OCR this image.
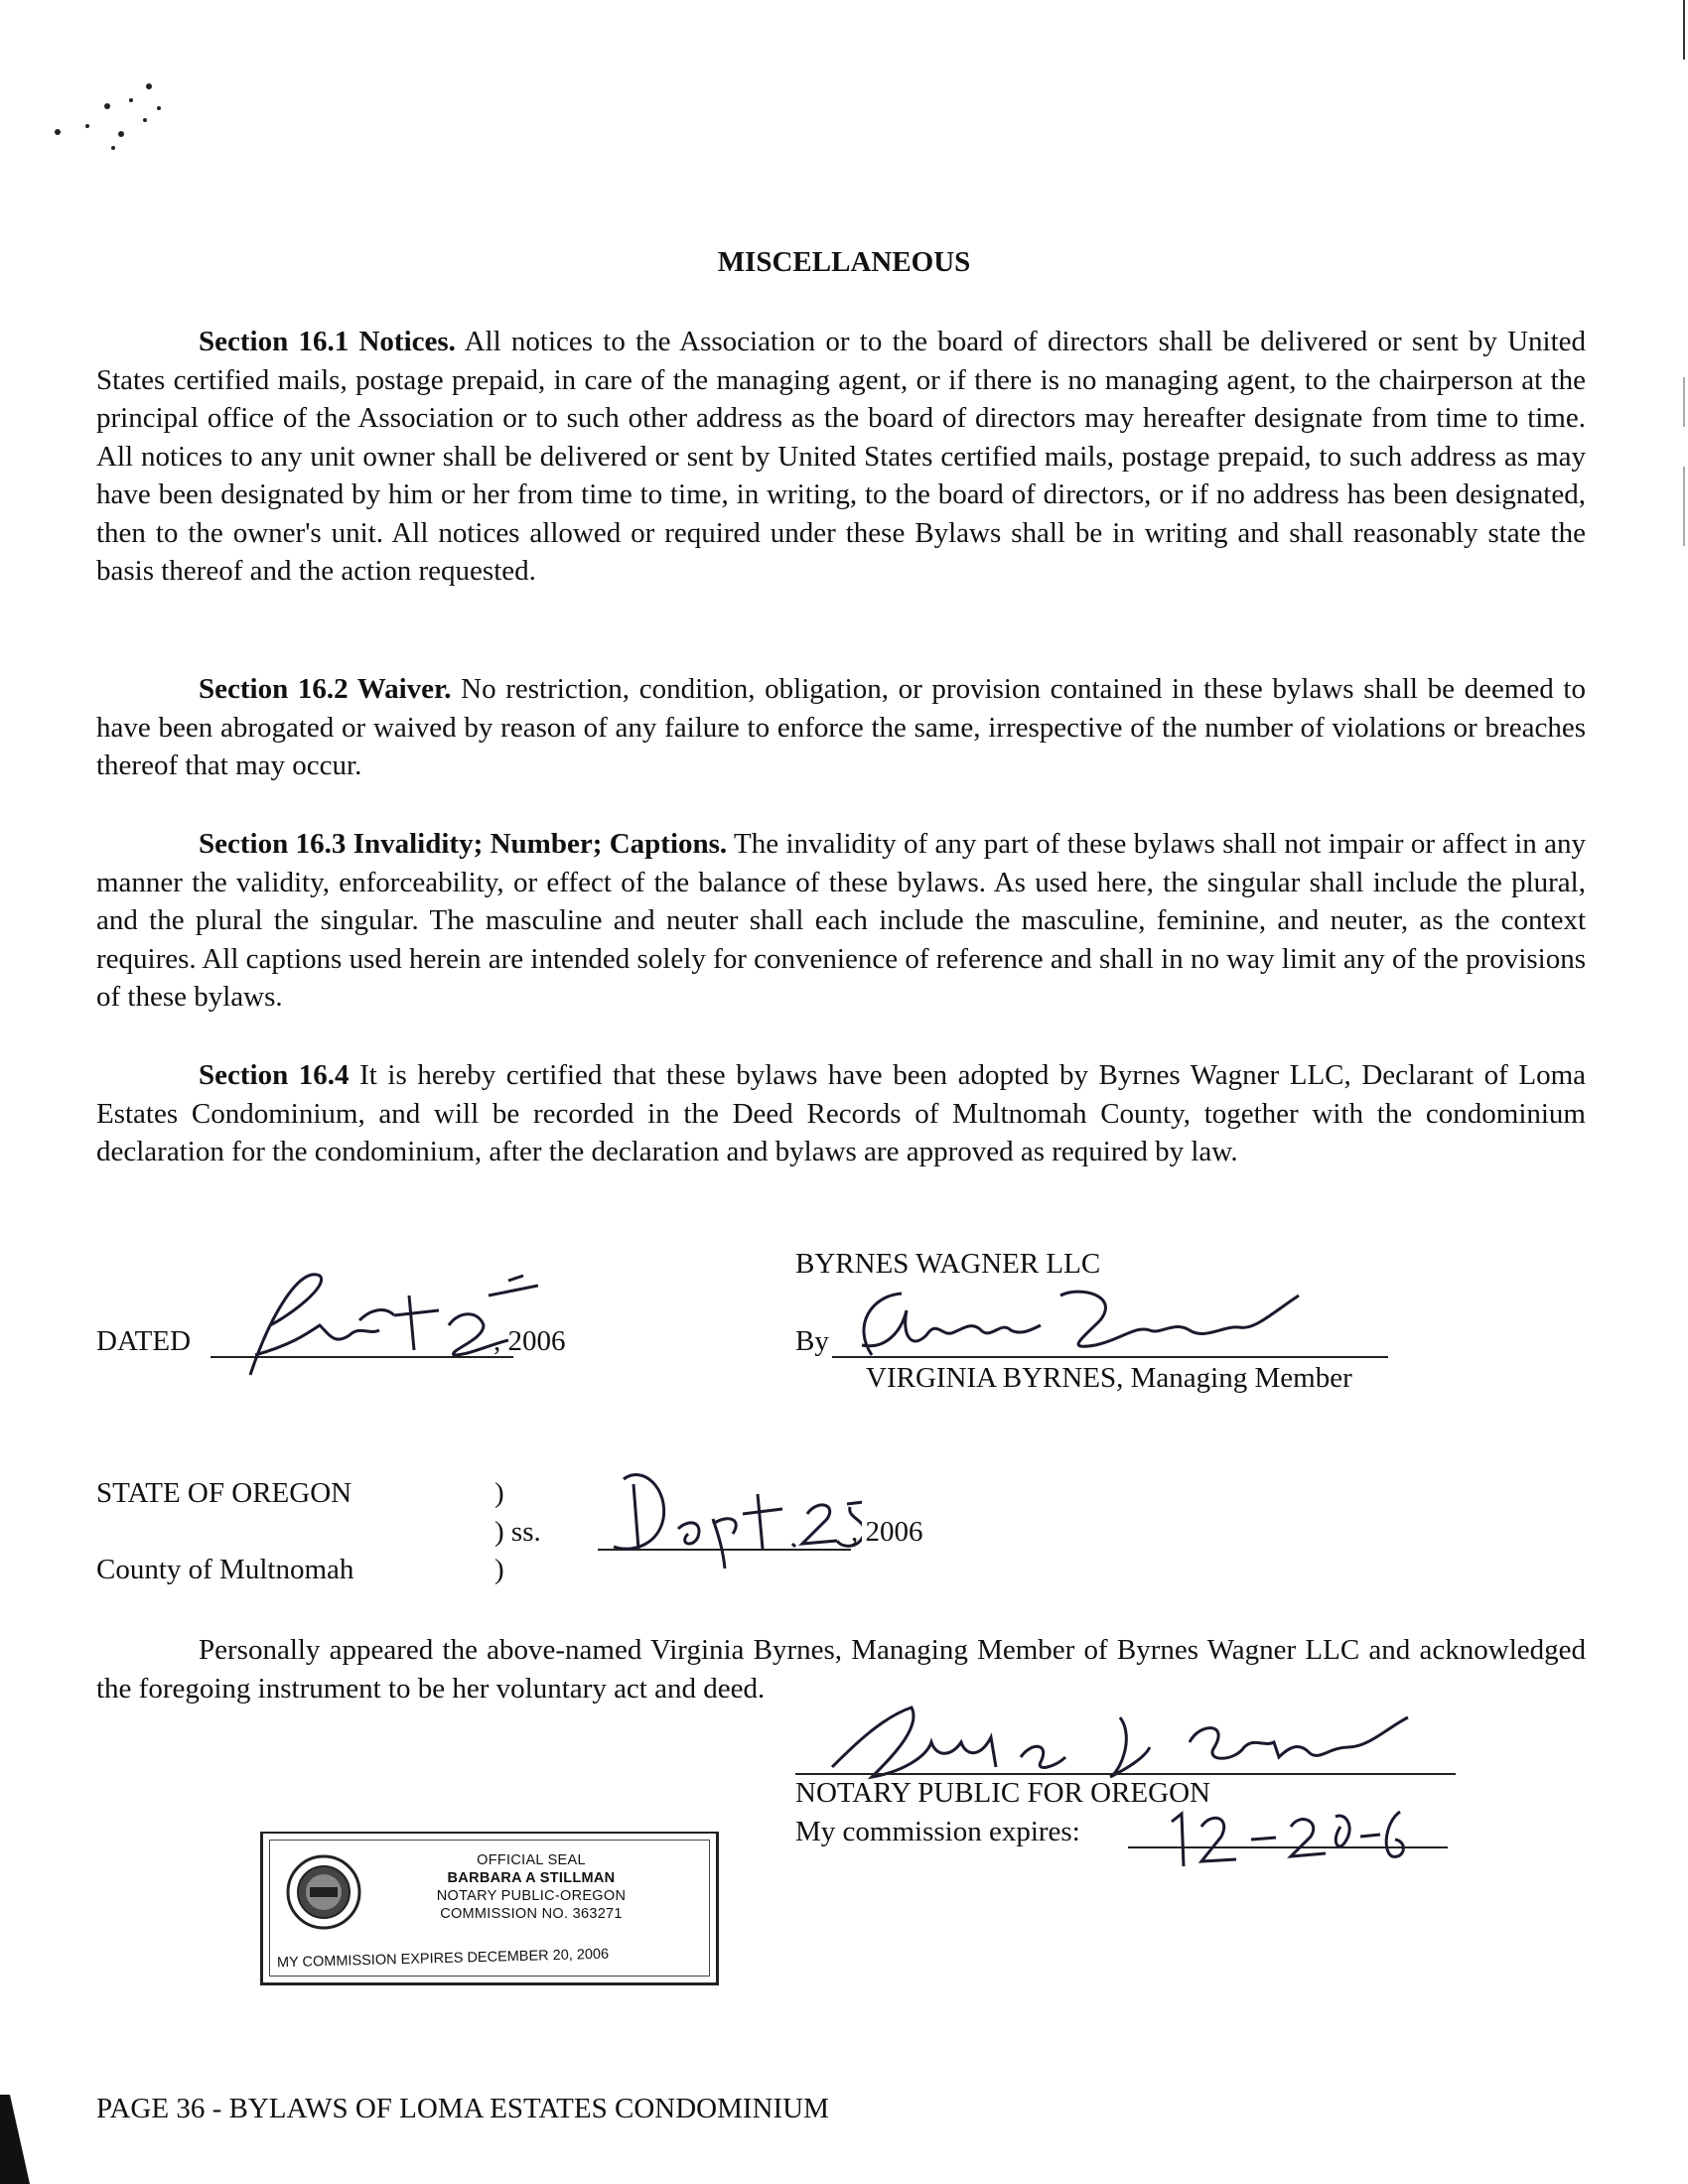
MISCELLANEOUS

Section 16.1 Notices. All notices to the Association or to the board of directors shall be delivered or sent by United States certified mails, postage prepaid, in care of the managing agent, or if there is no managing agent, to the chairperson at the principal office of the Association or to such other address as the board of directors may hereafter designate from time to time. All notices to any unit owner shall be delivered or sent by United States certified mails, postage prepaid, to such address as may have been designated by him or her from time to time, in writing, to the board of directors, or if no address has been designated, then to the owner's unit. All notices allowed or required under these Bylaws shall be in writing and shall reasonably state the basis thereof and the action requested.

Section 16.2 Waiver. No restriction, condition, obligation, or provision contained in these bylaws shall be deemed to have been abrogated or waived by reason of any failure to enforce the same, irrespective of the number of violations or breaches thereof that may occur.

Section 16.3 Invalidity; Number; Captions. The invalidity of any part of these bylaws shall not impair or affect in any manner the validity, enforceability, or effect of the balance of these bylaws. As used here, the singular shall include the plural, and the plural the singular. The masculine and neuter shall each include the masculine, feminine, and neuter, as the context requires. All captions used herein are intended solely for convenience of reference and shall in no way limit any of the provisions of these bylaws.

Section 16.4 It is hereby certified that these bylaws have been adopted by Byrnes Wagner LLC, Declarant of Loma Estates Condominium, and will be recorded in the Deed Records of Multnomah County, together with the condominium declaration for the condominium, after the declaration and bylaws are approved as required by law.

DATED	, 2006
BYRNES WAGNER LLC
By
VIRGINIA BYRNES, Managing Member
STATE OF OREGON
County of Multnomah
)
) ss.
)
, 2006

Personally appeared the above-named Virginia Byrnes, Managing Member of Byrnes Wagner LLC and acknowledged the foregoing instrument to be her voluntary act and deed.

NOTARY PUBLIC FOR OREGON
My commission expires:
OFFICIAL SEAL
BARBARA A STILLMAN
NOTARY PUBLIC-OREGON
COMMISSION NO. 363271
MY COMMISSION EXPIRES DECEMBER 20, 2006
PAGE 36 - BYLAWS OF LOMA ESTATES CONDOMINIUM
